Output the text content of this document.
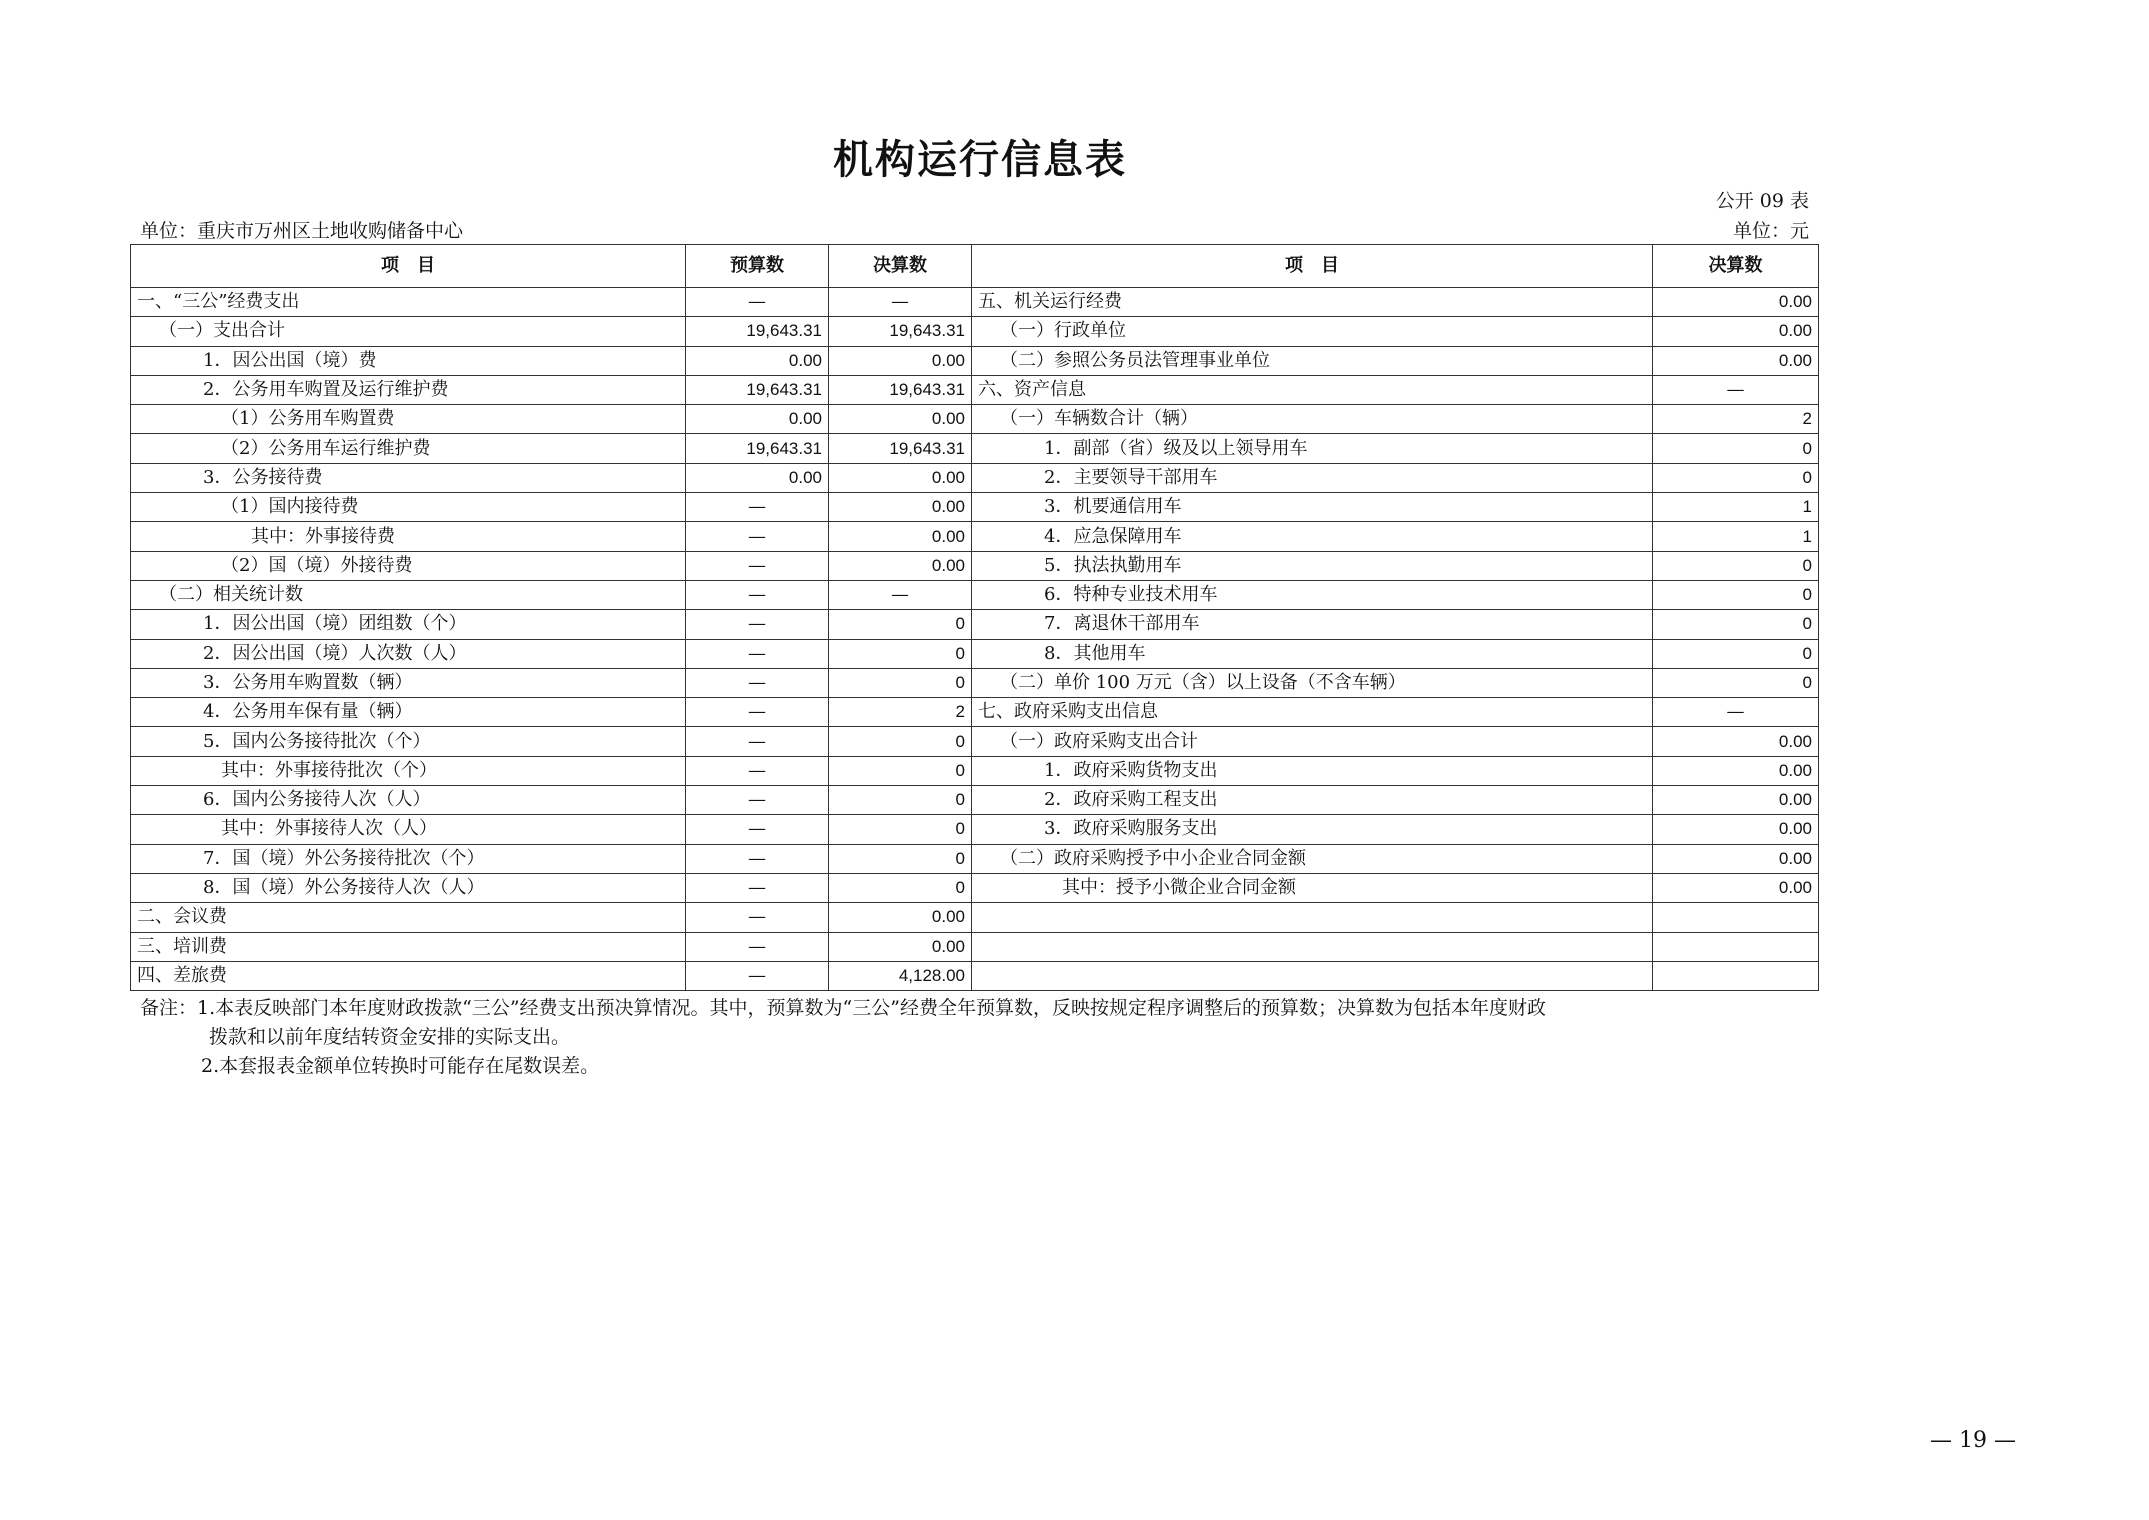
机构运行信息表
公开 09 表
单位：重庆市万州区土地收购储备中心	单位：元
项　目	预算数	决算数	项　目	决算数
一、“三公”经费支出	—	—	五、机关运行经费	0.00
（一）支出合计	19,643.31	19,643.31	（一）行政单位	0.00
1．因公出国（境）费	0.00	0.00	（二）参照公务员法管理事业单位	0.00
2．公务用车购置及运行维护费	19,643.31	19,643.31	六、资产信息	—
（1）公务用车购置费	0.00	0.00	（一）车辆数合计（辆）	2
（2）公务用车运行维护费	19,643.31	19,643.31	1．副部（省）级及以上领导用车	0
3．公务接待费	0.00	0.00	2．主要领导干部用车	0
（1）国内接待费	—	0.00	3．机要通信用车	1
其中：外事接待费	—	0.00	4．应急保障用车	1
（2）国（境）外接待费	—	0.00	5．执法执勤用车	0
（二）相关统计数	—	—	6．特种专业技术用车	0
1．因公出国（境）团组数（个）	—	0	7．离退休干部用车	0
2．因公出国（境）人次数（人）	—	0	8．其他用车	0
3．公务用车购置数（辆）	—	0	（二）单价 100 万元（含）以上设备（不含车辆）	0
4．公务用车保有量（辆）	—	2	七、政府采购支出信息	—
5．国内公务接待批次（个）	—	0	（一）政府采购支出合计	0.00
其中：外事接待批次（个）	—	0	1．政府采购货物支出	0.00
6．国内公务接待人次（人）	—	0	2．政府采购工程支出	0.00
其中：外事接待人次（人）	—	0	3．政府采购服务支出	0.00
7．国（境）外公务接待批次（个）	—	0	（二）政府采购授予中小企业合同金额	0.00
8．国（境）外公务接待人次（人）	—	0	其中：授予小微企业合同金额	0.00
二、会议费	—	0.00		
三、培训费	—	0.00		
四、差旅费	—	4,128.00		
备注：1.本表反映部门本年度财政拨款“三公”经费支出预决算情况。其中，预算数为“三公”经费全年预算数，反映按规定程序调整后的预算数；决算数为包括本年度财政
拨款和以前年度结转资金安排的实际支出。
2.本套报表金额单位转换时可能存在尾数误差。
— 19 —
